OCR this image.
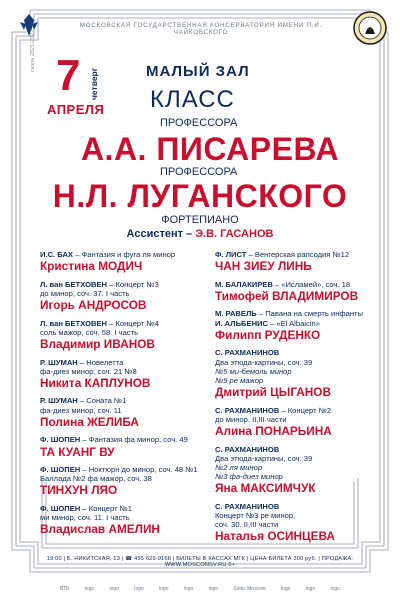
МОСКОВСКАЯ ГОСУДАРСТВЕННАЯ КОНСЕРВАТОРИЯ ИМЕНИ П.И. ЧАЙКОВСКОГО
сезон 2021-2022
7 четверг
АПРЕЛЯ
МАЛЫЙ ЗАЛ
КЛАСС
ПРОФЕССОРА
А.А. ПИСАРЕВА
ПРОФЕССОРА
Н.Л. ЛУГАНСКОГО
ФОРТЕПИАНО
Ассистент – Э.В. ГАСАНОВ
И.С. БАХ – Фантазия и фуга ля минор
Кристина МОДИЧ
Л. ван БЕТХОВЕН – Концерт №3
до минор, соч. 37. I часть
Игорь АНДРОСОВ
Л. ван БЕТХОВЕН – Концерт №4
соль мажор, соч. 58. I часть
Владимир ИВАНОВ
Р. ШУМАН – Новелетта
фа-диез минор, соч. 21 №8
Никита КАПЛУНОВ
Р. ШУМАН – Соната №1
фа-диез минор, соч. 11
Полина ЖЕЛИБА
Ф. ШОПЕН – Фантазия фа минор, соч. 49
ТА КУАНГ ВУ
Ф. ШОПЕН – Ноктюрн до минор, соч. 48 №1
Баллада №2 фа мажор, соч. 38
ТИНХУН ЛЯО
Ф. ШОПЕН – Концерт №1
ми минор, соч. 11. I часть
Владислав АМЕЛИН
Ф. ЛИСТ – Венгерская рапсодия №12
ЧАН ЗИЕУ ЛИНЬ
М. БАЛАКИРЕВ – «Исламей», соч. 18
Тимофей ВЛАДИМИРОВ
М. РАВЕЛЬ – Павана на смерть инфанты
И. АЛЬБЕНИС – «El Albaicin»
Филипп РУДЕНКО
С. РАХМАНИНОВ
Два этюда-картины, соч. 39
№5 ми-бемоль минор
№9 ре мажор
Дмитрий ЦЫГАНОВ
С. РАХМАНИНОВ – Концерт №2
до минор. II,III части
Алина ПОНАРЬИНА
С. РАХМАНИНОВ
Два этюда-картины, соч. 39
№2 ля минор
№3 фа-диез минор
Яна МАКСИМЧУК
С. РАХМАНИНОВ
Концерт №3 ре минор,
соч. 30. II,III части
Наталья ОСИНЦЕВА
19:00 | Б. НИКИТСКАЯ, 13 | ☎ 495 629-9168 | БИЛЕТЫ В КАССАХ МГК | ЦЕНА БИЛЕТА 300 руб. | ПРОДАЖА: WWW.MOSCONSV.RU 6+
ВТБ	logo	logo	logo	logo	logo	logo	Sonic Moscow	logo	logo	logo
